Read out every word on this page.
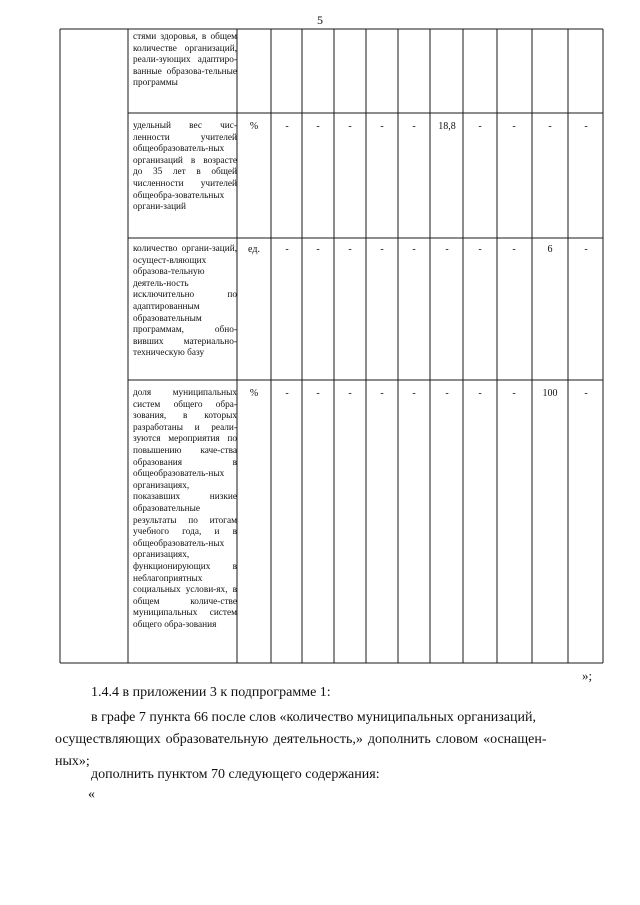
5
стями здоровья, в общем количестве организаций, реали-зующих адаптиро-ванные образова-тельные программы
удельный вес чис-ленности учителей общеобразователь-ных организаций в возрасте до 35 лет в общей численности учителей общеобра-зовательных органи-заций
%	-	-	-	-	-	18,8	-	-	-	-
количество органи-заций, осущест-вляющих образова-тельную деятель-ность исключительно по адаптированным образовательным программам, обно-вивших материально-техническую базу
ед.	-	-	-	-	-	-	-	-	6	-
доля муниципальных систем общего обра-зования, в которых разработаны и реали-зуются мероприятия по повышению каче-ства образования в общеобразователь-ных организациях, показавших низкие образовательные результаты по итогам учебного года, и в общеобразователь-ных организациях, функционирующих в неблагоприятных социальных услови-ях, в общем количе-стве муниципальных систем общего обра-зования
%	-	-	-	-	-	-	-	-	100	-
»;
1.4.4 в приложении 3 к подпрограмме 1:
в графе 7 пункта 66 после слов «количество муниципальных организаций,
осуществляющих образовательную деятельность,» дополнить словом «оснащен-
ных»;
дополнить пунктом 70 следующего содержания:
«
